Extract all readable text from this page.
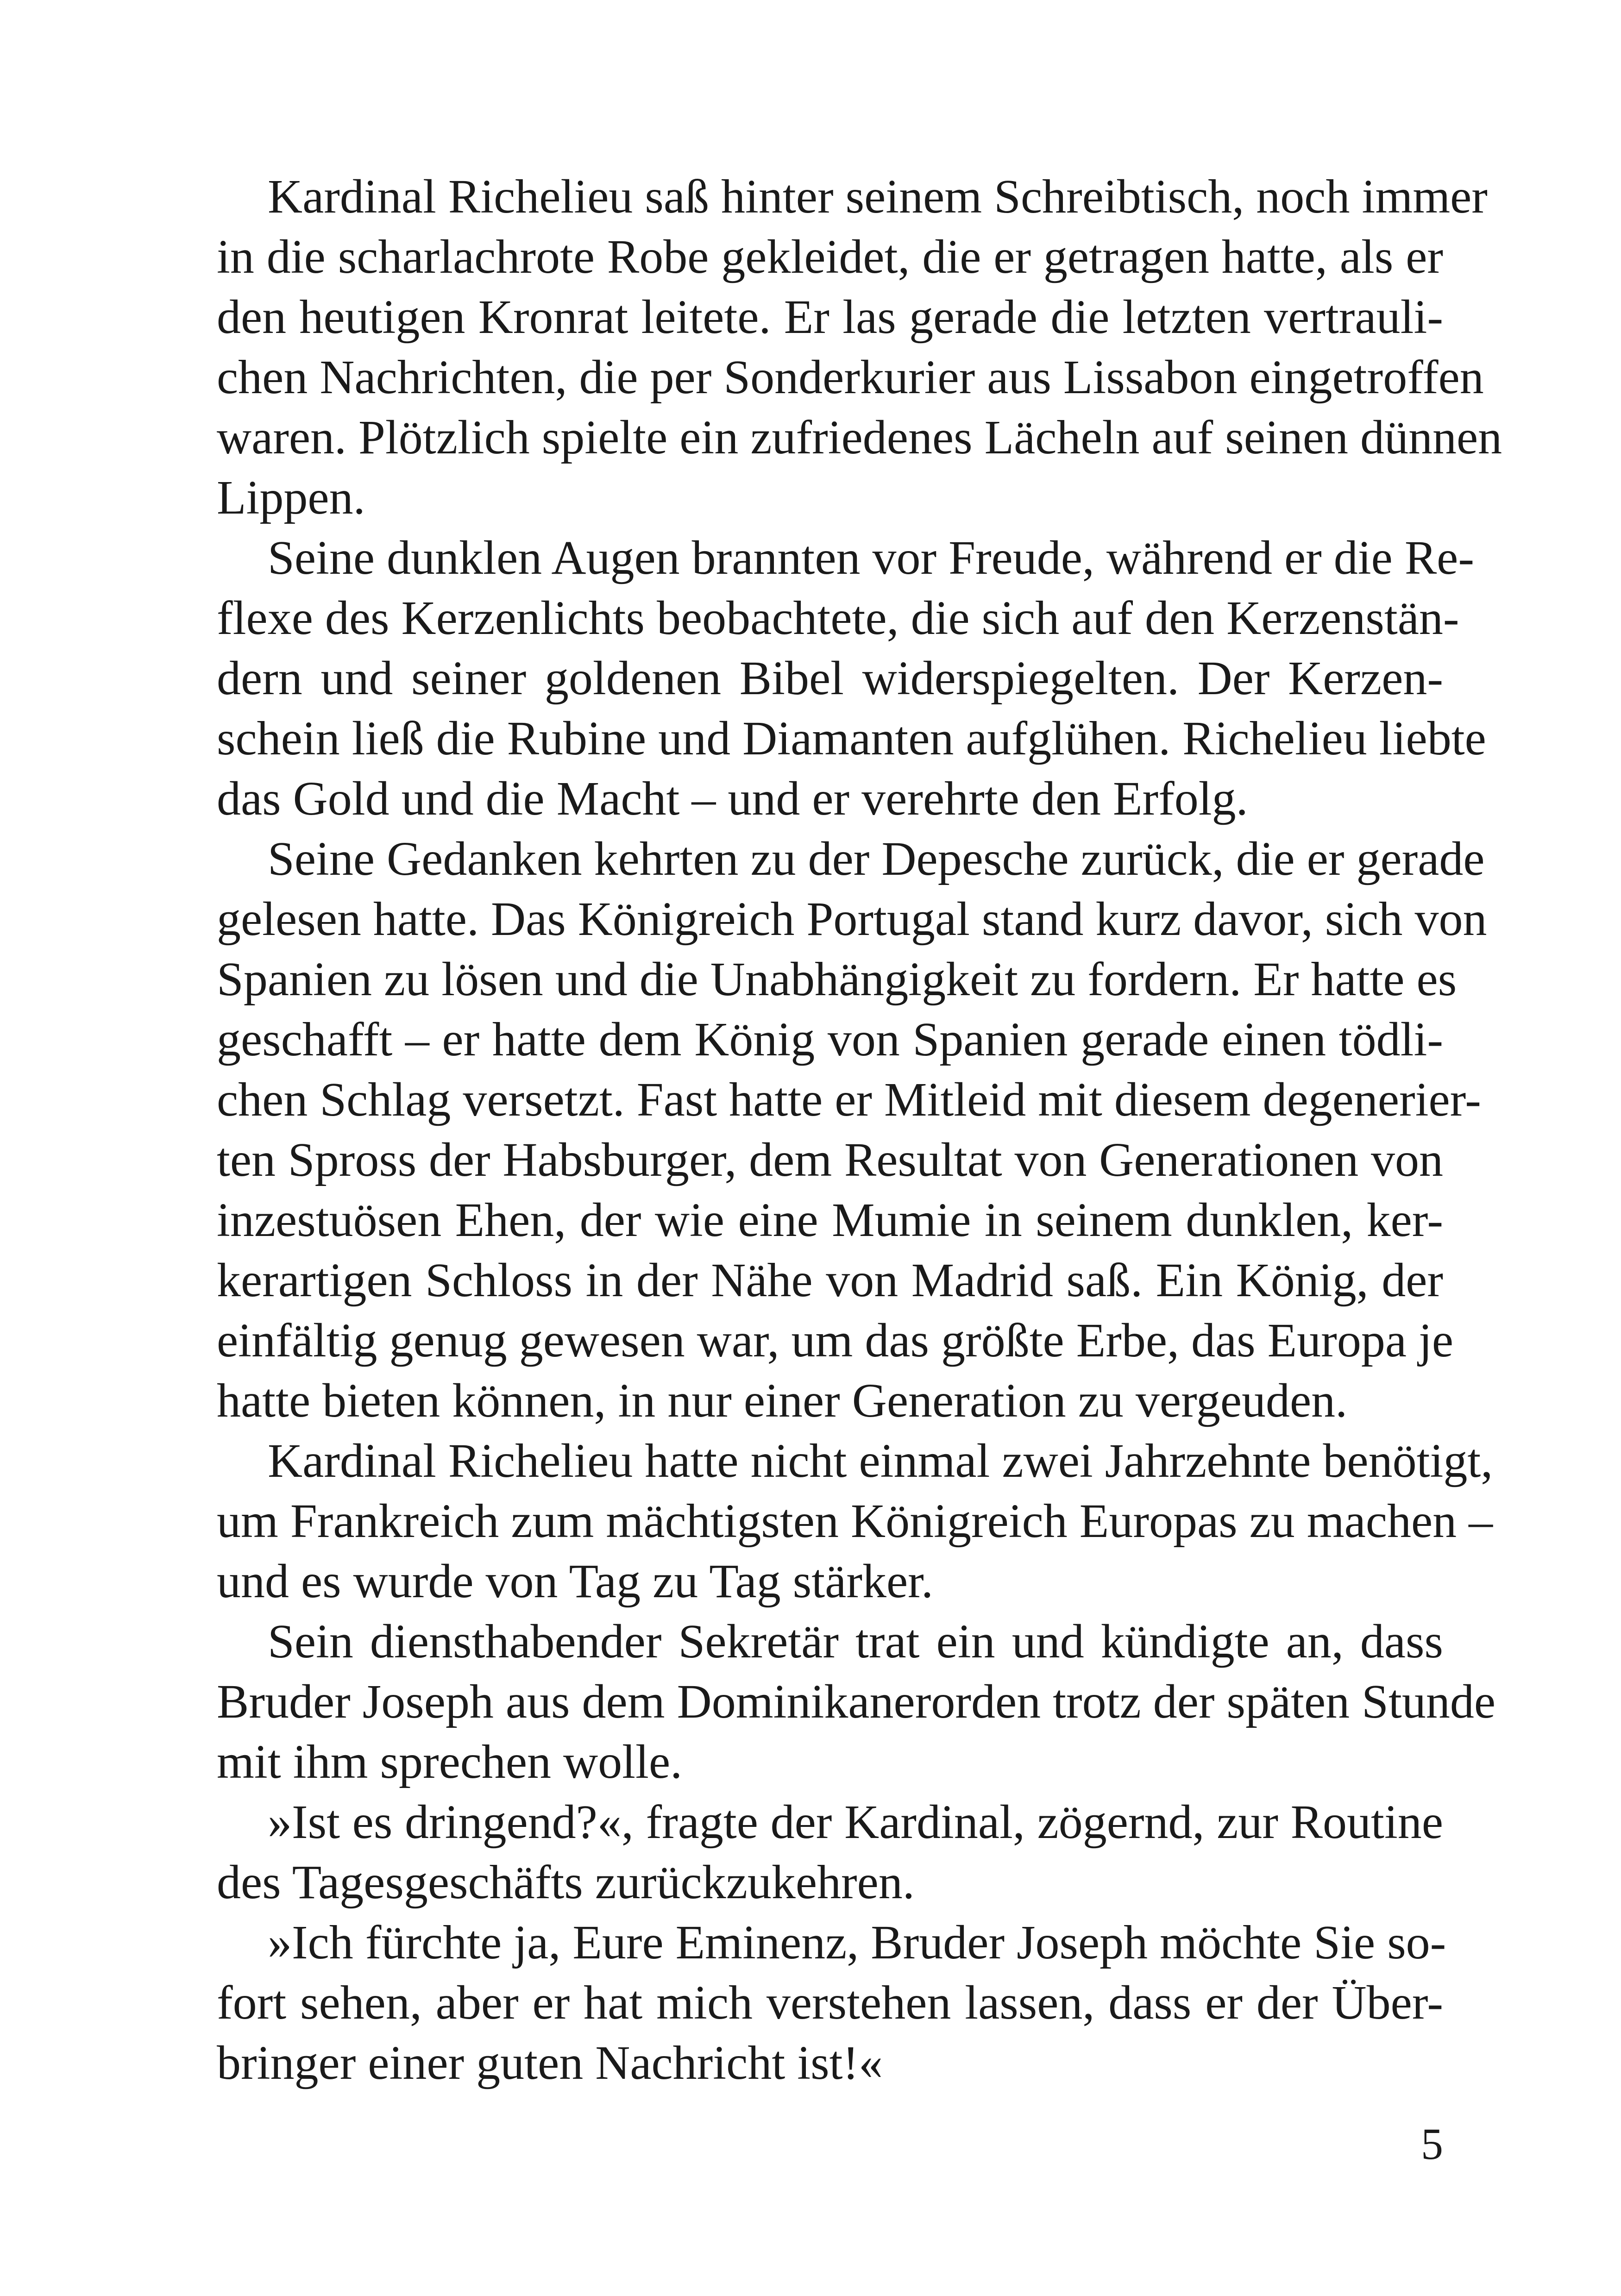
Kardinal Richelieu saß hinter seinem Schreibtisch, noch immer
in die scharlachrote Robe gekleidet, die er getragen hatte, als er
den heutigen Kronrat leitete. Er las gerade die letzten vertrauli-
chen Nachrichten, die per Sonderkurier aus Lissabon eingetroffen
waren. Plötzlich spielte ein zufriedenes Lächeln auf seinen dünnen
Lippen.
Seine dunklen Augen brannten vor Freude, während er die Re-
flexe des Kerzenlichts beobachtete, die sich auf den Kerzenstän-
dern und seiner goldenen Bibel widerspiegelten. Der Kerzen-
schein ließ die Rubine und Diamanten aufglühen. Richelieu liebte
das Gold und die Macht – und er verehrte den Erfolg.
Seine Gedanken kehrten zu der Depesche zurück, die er gerade
gelesen hatte. Das Königreich Portugal stand kurz davor, sich von
Spanien zu lösen und die Unabhängigkeit zu fordern. Er hatte es
geschafft – er hatte dem König von Spanien gerade einen tödli-
chen Schlag versetzt. Fast hatte er Mitleid mit diesem degenerier-
ten Spross der Habsburger, dem Resultat von Generationen von
inzestuösen Ehen, der wie eine Mumie in seinem dunklen, ker-
kerartigen Schloss in der Nähe von Madrid saß. Ein König, der
einfältig genug gewesen war, um das größte Erbe, das Europa je
hatte bieten können, in nur einer Generation zu vergeuden.
Kardinal Richelieu hatte nicht einmal zwei Jahrzehnte benötigt,
um Frankreich zum mächtigsten Königreich Europas zu machen –
und es wurde von Tag zu Tag stärker.
Sein diensthabender Sekretär trat ein und kündigte an, dass
Bruder Joseph aus dem Dominikanerorden trotz der späten Stunde
mit ihm sprechen wolle.
»Ist es dringend?«, fragte der Kardinal, zögernd, zur Routine
des Tagesgeschäfts zurückzukehren.
»Ich fürchte ja, Eure Eminenz, Bruder Joseph möchte Sie so-
fort sehen, aber er hat mich verstehen lassen, dass er der Über-
bringer einer guten Nachricht ist!«
5
